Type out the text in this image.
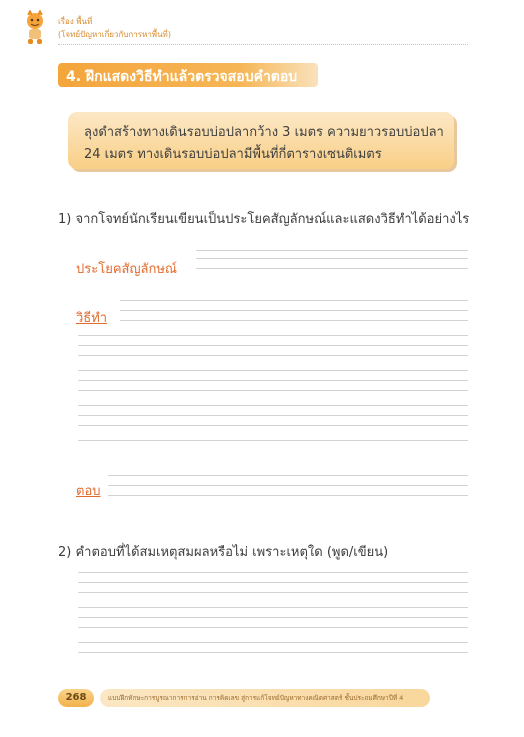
เรื่อง พื้นที่
(โจทย์ปัญหาเกี่ยวกับการหาพื้นที่)
4. ฝึกแสดงวิธีทำแล้วตรวจสอบคำตอบ
ลุงดำสร้างทางเดินรอบบ่อปลากว้าง 3 เมตร ความยาวรอบบ่อปลา
24 เมตร ทางเดินรอบบ่อปลามีพื้นที่กี่ตารางเซนติเมตร
1) จากโจทย์นักเรียนเขียนเป็นประโยคสัญลักษณ์และแสดงวิธีทำได้อย่างไร
ประโยคสัญลักษณ์
วิธีทำ
ตอบ
2) คำตอบที่ได้สมเหตุสมผลหรือไม่ เพราะเหตุใด (พูด/เขียน)
268	แบบฝึกทักษะการบูรณาการการอ่าน การคิดเลข สู่การแก้โจทย์ปัญหาทางคณิตศาสตร์ ชั้นประถมศึกษาปีที่ 4
